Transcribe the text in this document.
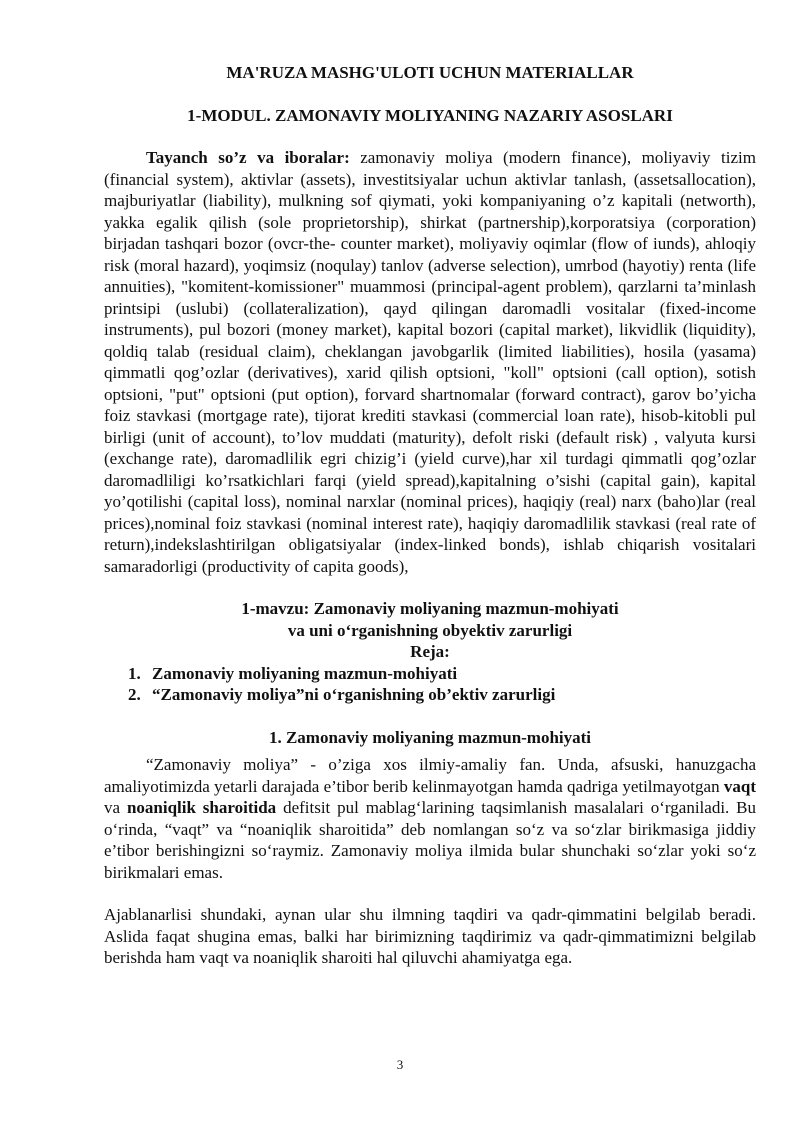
MA'RUZA MASHG'ULOTI UCHUN MATERIALLAR
1-MODUL. ZAMONAVIY MOLIYANING NAZARIY ASOSLARI

Tayanch so’z va iboralar: zamonaviy moliya (modern finance), moliyaviy tizim (financial system), aktivlar (assets), investitsiyalar uchun aktivlar tanlash, (assetsallocation), majburiyatlar (liability), mulkning sof qiymati, yoki kompaniyaning o’z kapitali (networth), yakka egalik qilish (sole proprietorship), shirkat (partnership),korporatsiya (corporation) birjadan tashqari bozor (ovcr-the- counter market), moliyaviy oqimlar (flow of iunds), ahloqiy risk (moral hazard), yoqimsiz (noqulay) tanlov (adverse selection), umrbod (hayotiy) renta (life annuities), "komitent-komissioner" muammosi (principal-agent problem), qarzlarni ta’minlash printsipi (uslubi) (collateralization), qayd qilingan daromadli vositalar (fixed-income instruments), pul bozori (money market), kapital bozori (capital market), likvidlik (liquidity), qoldiq talab (residual claim), cheklangan javobgarlik (limited liabilities), hosila (yasama) qimmatli qog’ozlar (derivatives), xarid qilish optsioni, "koll" optsioni (call option), sotish optsioni, "put" optsioni (put option), forvard shartnomalar (forward contract), garov bo’yicha foiz stavkasi (mortgage rate), tijorat krediti stavkasi (commercial loan rate), hisob-kitobli pul birligi (unit of account), to’lov muddati (maturity), defolt riski (default risk) , valyuta kursi (exchange rate), daromadlilik egri chizig’i (yield curve),har xil turdagi qimmatli qog’ozlar daromadliligi ko’rsatkichlari farqi (yield spread),kapitalning o’sishi (capital gain), kapital yo’qotilishi (capital loss), nominal narxlar (nominal prices), haqiqiy (real) narx (baho)lar (real prices),nominal foiz stavkasi (nominal interest rate), haqiqiy daromadlilik stavkasi (real rate of return),indekslashtirilgan obligatsiyalar (index-linked bonds), ishlab chiqarish vositalari samaradorligi (productivity of capita goods),

1-mavzu: Zamonaviy moliyaning mazmun-mohiyati
va uni o‘rganishning obyektiv zarurligi
Reja:
1. Zamonaviy moliyaning mazmun-mohiyati
2. “Zamonaviy moliya”ni o‘rganishning ob’ektiv zarurligi
1. Zamonaviy moliyaning mazmun-mohiyati

“Zamonaviy moliya” - o’ziga xos ilmiy-amaliy fan. Unda, afsuski, hanuzgacha amaliyotimizda yetarli darajada e’tibor berib kelinmayotgan hamda qadriga yetilmayotgan vaqt va noaniqlik sharoitida defitsit pul mablag‘larining taqsimlanish masalalari o‘rganiladi. Bu o‘rinda, “vaqt” va “noaniqlik sharoitida” deb nomlangan so‘z va so‘zlar birikmasiga jiddiy e’tibor berishingizni so‘raymiz. Zamonaviy moliya ilmida bular shunchaki so‘zlar yoki so‘z birikmalari emas.

Ajablanarlisi shundaki, aynan ular shu ilmning taqdiri va qadr-qimmatini belgilab beradi. Aslida faqat shugina emas, balki har birimizning taqdirimiz va qadr-qimmatimizni belgilab berishda ham vaqt va noaniqlik sharoiti hal qiluvchi ahamiyatga ega.

3
